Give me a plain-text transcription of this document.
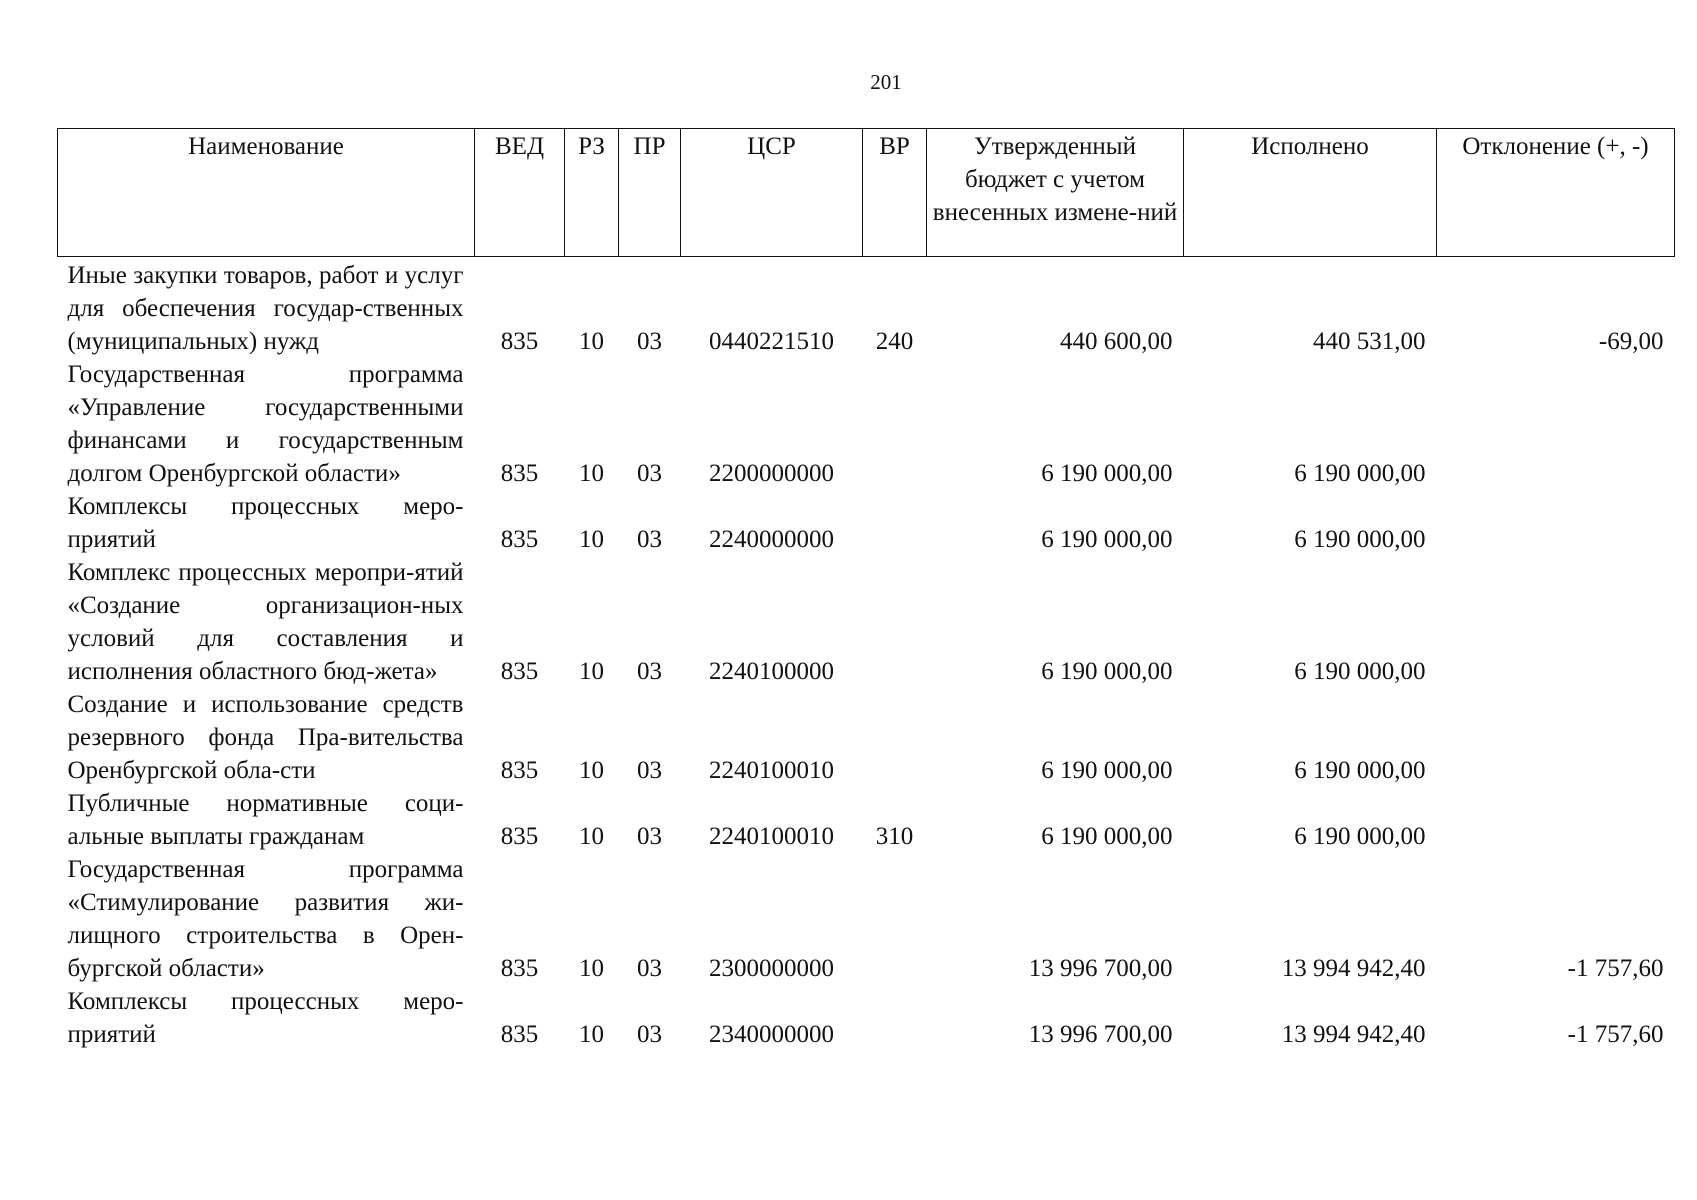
201
Наименование	ВЕД	РЗ	ПР	ЦСР	ВР	Утвержденный бюджет с учетом внесенных измене-ний	Исполнено	Отклонение (+, -)
Иные закупки товаров, работ и услуг для обеспечения государ-ственных (муниципальных) нужд	835	10	03	0440221510	240	440 600,00	440 531,00	-69,00
Государственная программа «Управление государственными финансами и государственным долгом Оренбургской области»	835	10	03	2200000000		6 190 000,00	6 190 000,00	
Комплексы процессных меро-приятий	835	10	03	2240000000		6 190 000,00	6 190 000,00	
Комплекс процессных меропри-ятий «Создание организацион-ных условий для составления и исполнения областного бюд-жета»	835	10	03	2240100000		6 190 000,00	6 190 000,00	
Создание и использование средств резервного фонда Пра-вительства Оренбургской обла-сти	835	10	03	2240100010		6 190 000,00	6 190 000,00	
Публичные нормативные соци-альные выплаты гражданам	835	10	03	2240100010	310	6 190 000,00	6 190 000,00	
Государственная программа «Стимулирование развития жи-лищного строительства в Орен-бургской области»	835	10	03	2300000000		13 996 700,00	13 994 942,40	-1 757,60
Комплексы процессных меро-приятий	835	10	03	2340000000		13 996 700,00	13 994 942,40	-1 757,60
